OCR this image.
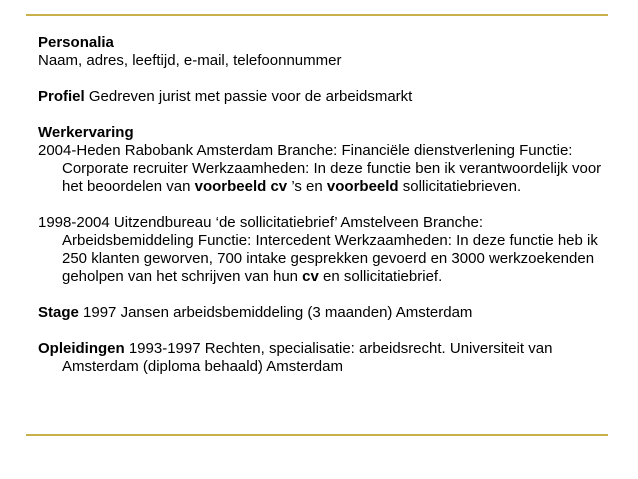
Personalia
Naam, adres, leeftijd, e-mail, telefoonnummer
Profiel Gedreven jurist met passie voor de arbeidsmarkt
Werkervaring
2004-Heden Rabobank Amsterdam Branche: Financiële dienstverlening Functie: Corporate recruiter Werkzaamheden: In deze functie ben ik verantwoordelijk voor het beoordelen van voorbeeld cv ’s en voorbeeld sollicitatiebrieven.
1998-2004 Uitzendbureau ‘de sollicitatiebrief’ Amstelveen Branche: Arbeidsbemiddeling Functie: Intercedent Werkzaamheden: In deze functie heb ik 250 klanten geworven, 700 intake gesprekken gevoerd en 3000 werkzoekenden geholpen van het schrijven van hun cv en sollicitatiebrief.
Stage 1997 Jansen arbeidsbemiddeling (3 maanden) Amsterdam
Opleidingen 1993-1997 Rechten, specialisatie: arbeidsrecht. Universiteit van Amsterdam (diploma behaald) Amsterdam
